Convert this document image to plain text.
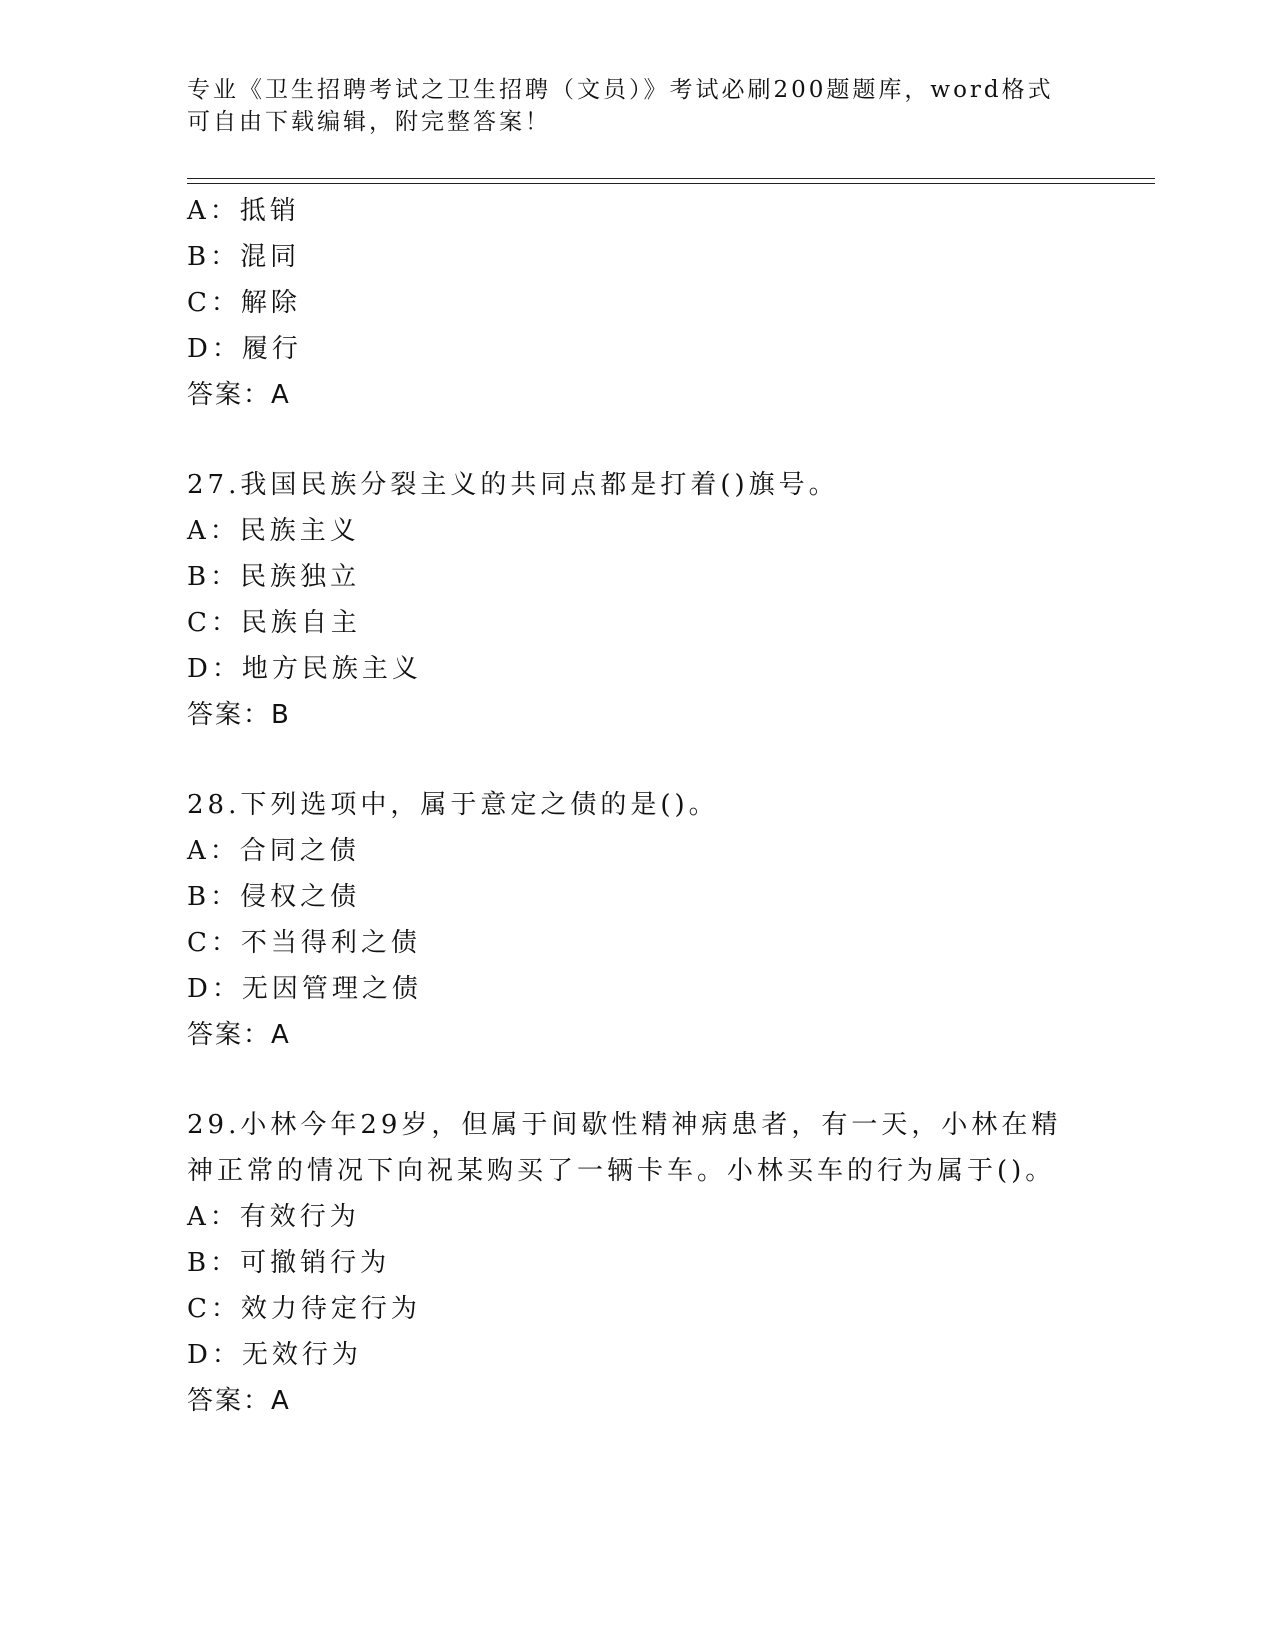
专业《卫生招聘考试之卫生招聘（文员）》考试必刷200题题库，word格式可自由下载编辑，附完整答案！
A：抵销
B：混同
C：解除
D：履行
答案：A
27.我国民族分裂主义的共同点都是打着()旗号。
A：民族主义
B：民族独立
C：民族自主
D：地方民族主义
答案：B
28.下列选项中，属于意定之债的是()。
A：合同之债
B：侵权之债
C：不当得利之债
D：无因管理之债
答案：A
29.小林今年29岁，但属于间歇性精神病患者，有一天，小林在精神正常的情况下向祝某购买了一辆卡车。小林买车的行为属于()。
A：有效行为
B：可撤销行为
C：效力待定行为
D：无效行为
答案：A
